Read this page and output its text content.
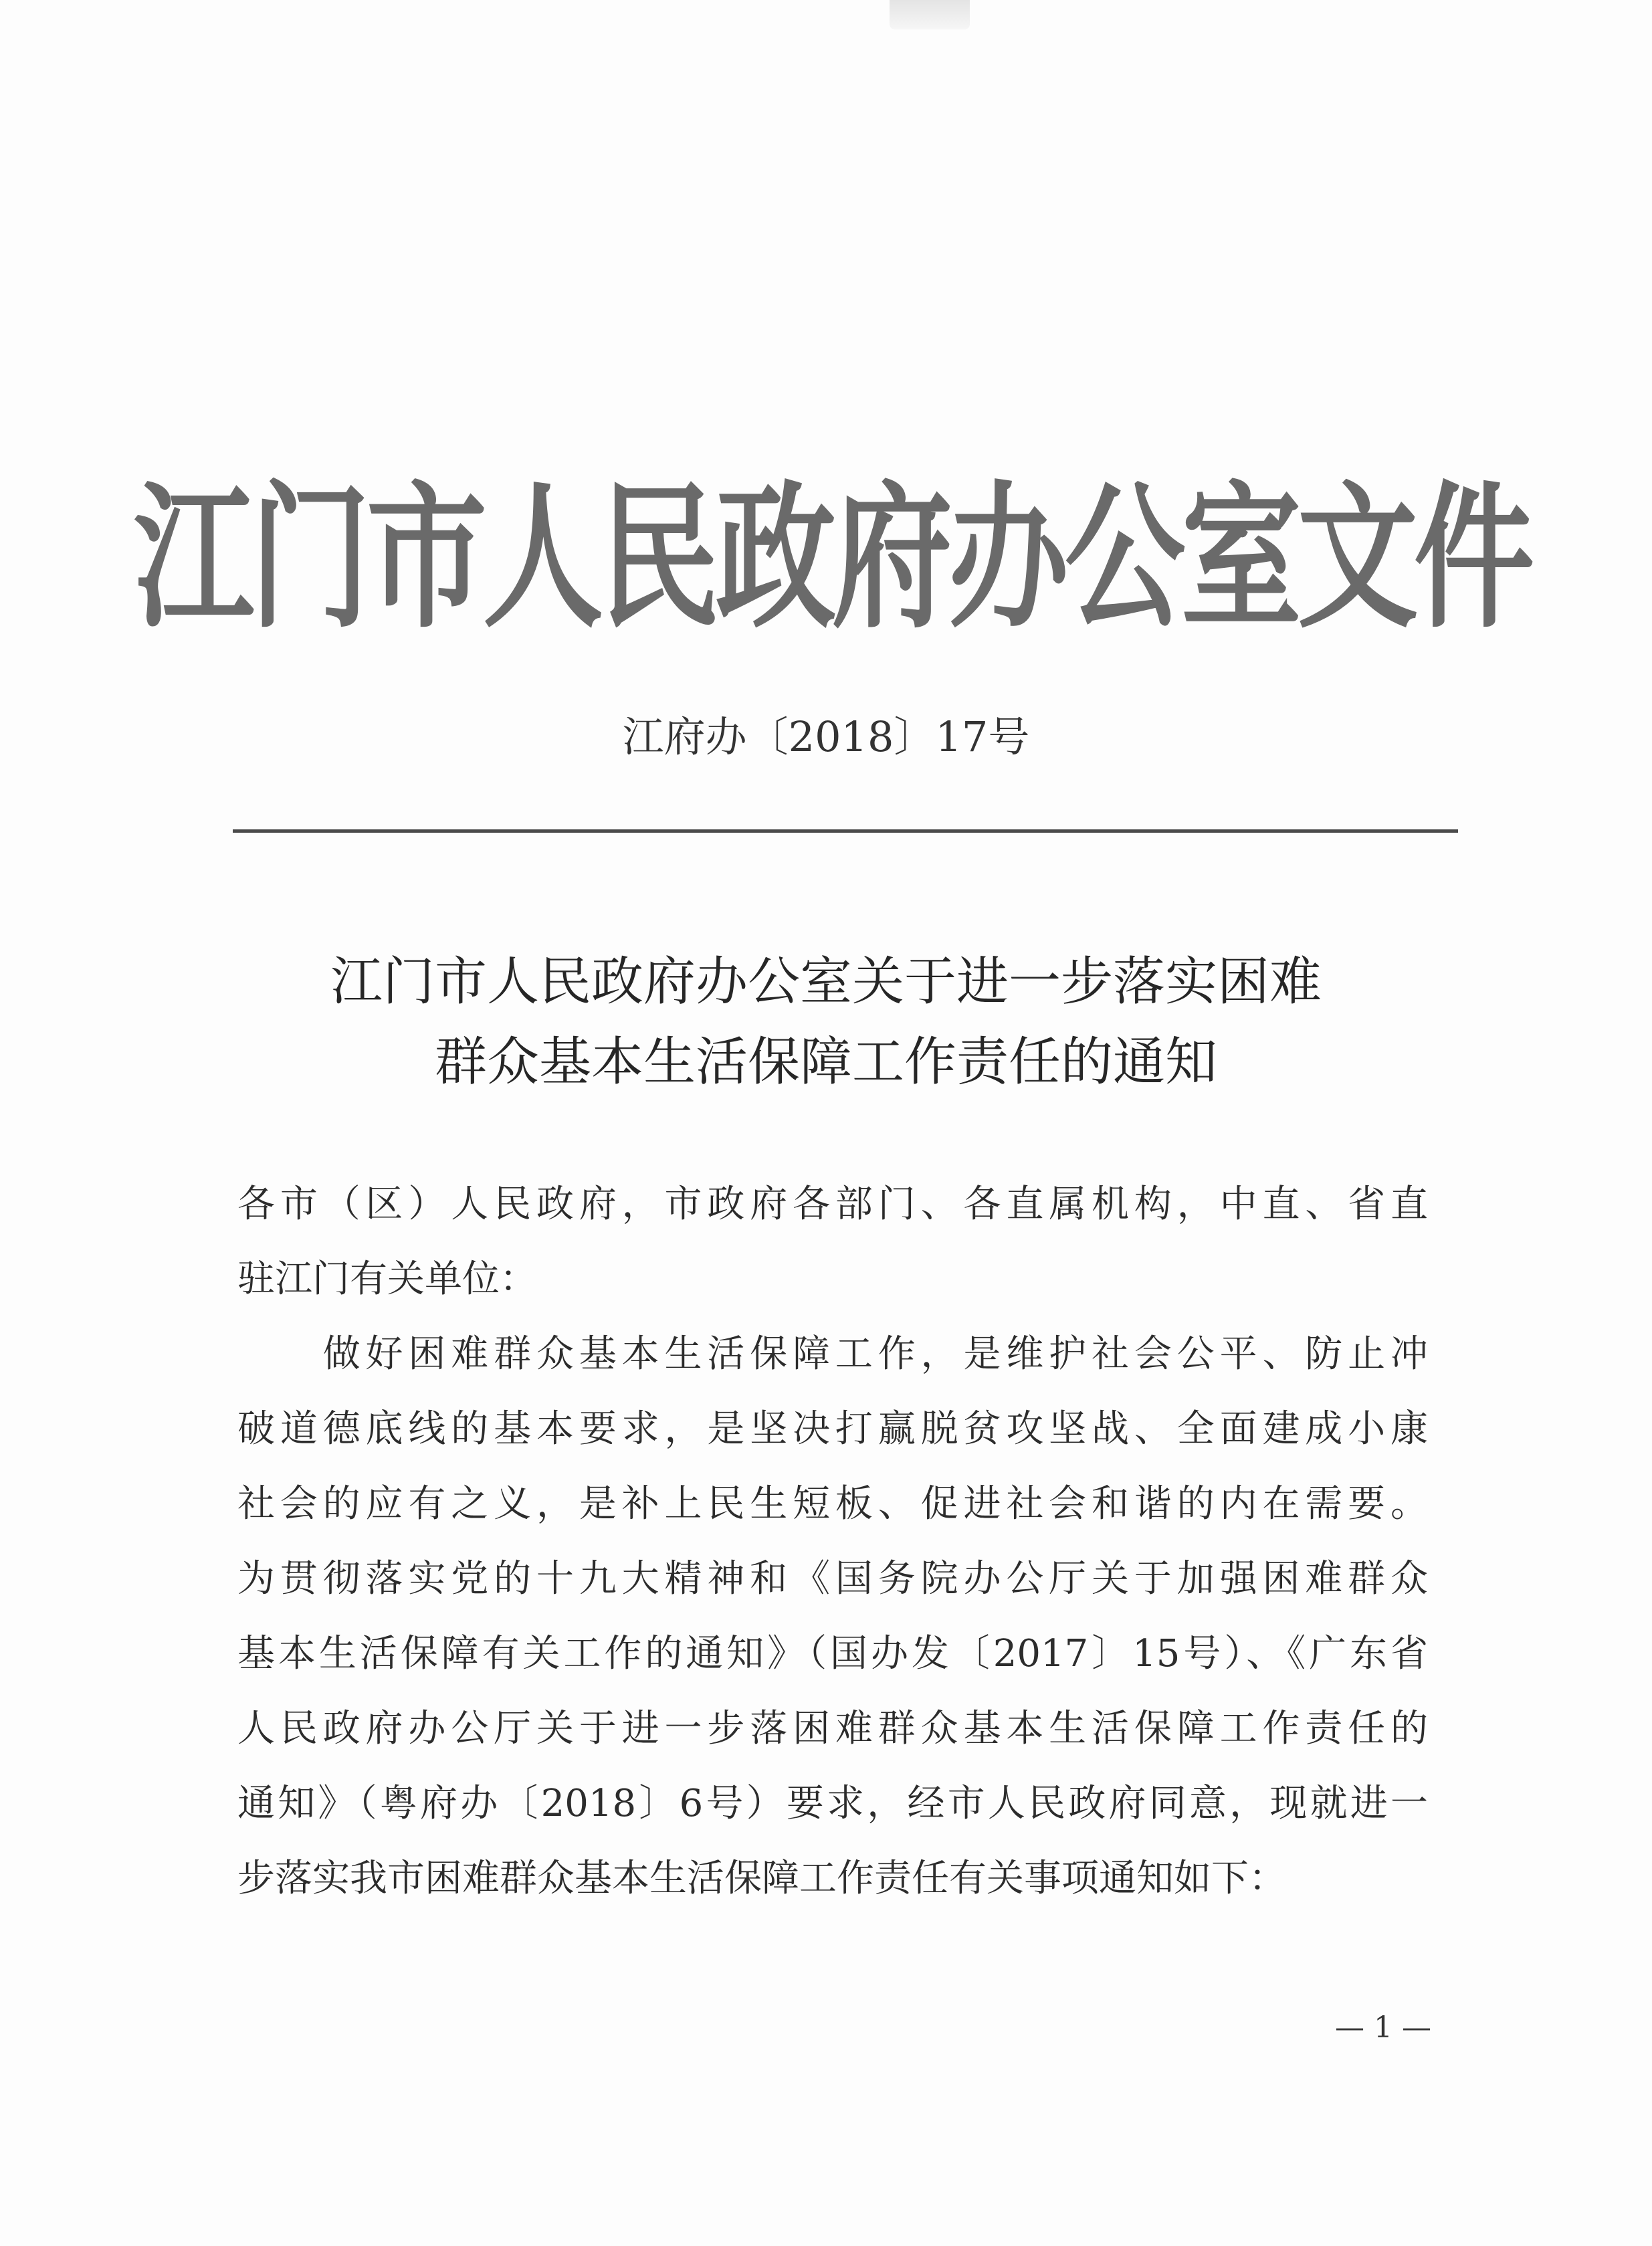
江门市人民政府办公室文件
江府办〔2018〕17号
江门市人民政府办公室关于进一步落实困难
群众基本生活保障工作责任的通知
各市（区）人民政府，市政府各部门、各直属机构，中直、省直
驻江门有关单位：
　　做好困难群众基本生活保障工作，是维护社会公平、防止冲
破道德底线的基本要求，是坚决打赢脱贫攻坚战、全面建成小康
社会的应有之义，是补上民生短板、促进社会和谐的内在需要。
为贯彻落实党的十九大精神和《国务院办公厅关于加强困难群众
基本生活保障有关工作的通知》（国办发〔2017〕15号）、《广东省
人民政府办公厅关于进一步落困难群众基本生活保障工作责任的
通知》（粤府办〔2018〕6号）要求，经市人民政府同意，现就进一
步落实我市困难群众基本生活保障工作责任有关事项通知如下：
— 1 —
